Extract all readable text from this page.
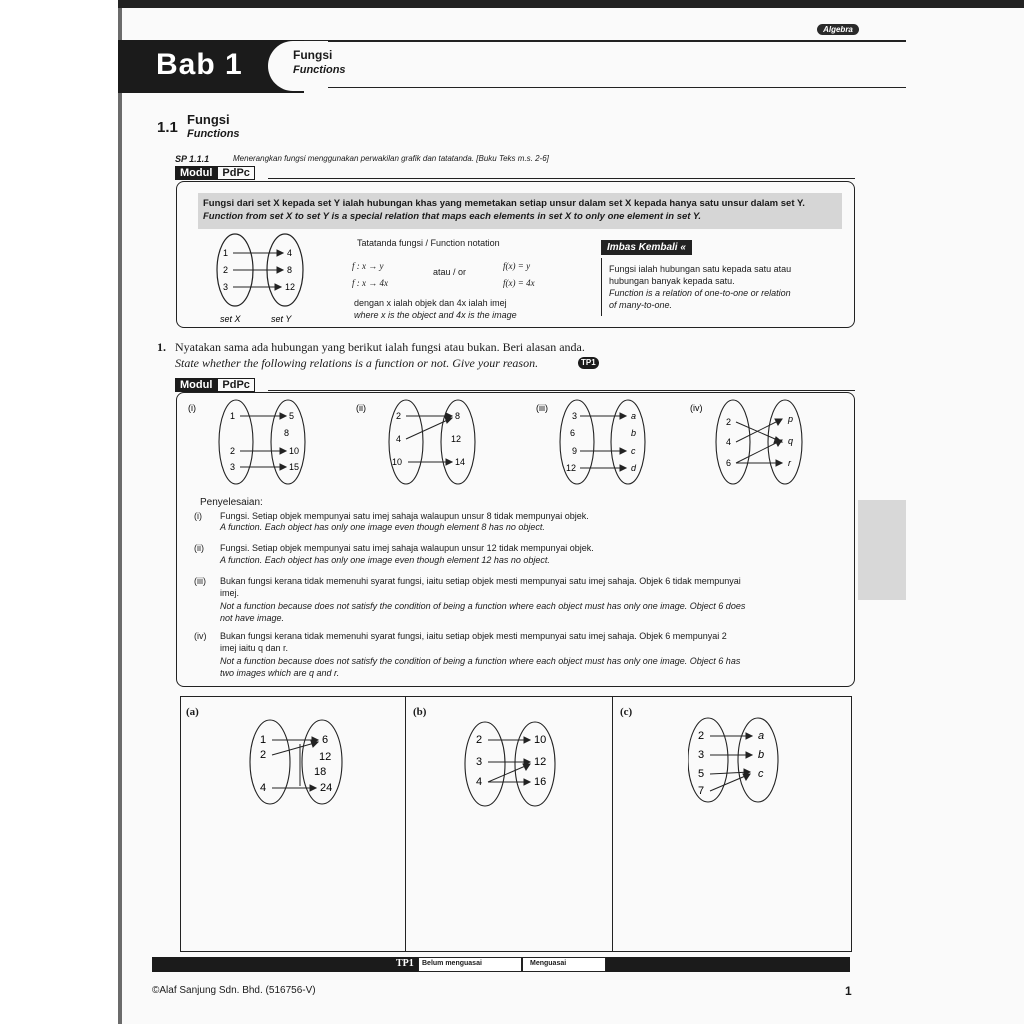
Algebra
Bab 1	Fungsi
Functions
1.1 Fungsi
Functions
SP 1.1.1	Menerangkan fungsi menggunakan perwakilan grafik dan tatatanda. [Buku Teks m.s. 2-6]
Modul PdPc
Fungsi dari set X kepada set Y ialah hubungan khas yang memetakan setiap unsur dalam set X kepada hanya satu unsur dalam set Y.
Function from set X to set Y is a special relation that maps each elements in set X to only one element in set Y.
1
2
3
4
8
12
set X	set Y
Tatatanda fungsi / Function notation
f : x → y
f : x → 4x
atau / or
f(x) = y
f(x) = 4x
dengan x ialah objek dan 4x ialah imej
where x is the object and 4x is the image
Imbas Kembali «
Fungsi ialah hubungan satu kepada satu atau
hubungan banyak kepada satu.
Function is a relation of one-to-one or relation
of many-to-one.
1. Nyatakan sama ada hubungan yang berikut ialah fungsi atau bukan. Beri alasan anda.
State whether the following relations is a function or not. Give your reason.	TP1
Modul PdPc
(i)
1
2
3
5
8
10
15
(ii)
2
4
10
8
12
14
(iii)
3
6
9
12
a
b
c
d
(iv)
2
4
6
p
q
r
Penyelesaian:
(i) Fungsi. Setiap objek mempunyai satu imej sahaja walaupun unsur 8 tidak mempunyai objek.
A function. Each object has only one image even though element 8 has no object.
(ii) Fungsi. Setiap objek mempunyai satu imej sahaja walaupun unsur 12 tidak mempunyai objek.
A function. Each object has only one image even though element 12 has no object.
(iii) Bukan fungsi kerana tidak memenuhi syarat fungsi, iaitu setiap objek mesti mempunyai satu imej sahaja. Objek 6 tidak mempunyai
imej.
Not a function because does not satisfy the condition of being a function where each object must has only one image. Object 6 does
not have image.
(iv) Bukan fungsi kerana tidak memenuhi syarat fungsi, iaitu setiap objek mesti mempunyai satu imej sahaja. Objek 6 mempunyai 2
imej iaitu q dan r.
Not a function because does not satisfy the condition of being a function where each object must has only one image. Object 6 has
two images which are q and r.
(a)	(b)	(c)
1
2
4
6
12
18
24
2
3
4
10
12
16
2
3
5
7
a
b
c
TP1 Belum menguasai	Menguasai
©Alaf Sanjung Sdn. Bhd. (516756-V)	1
